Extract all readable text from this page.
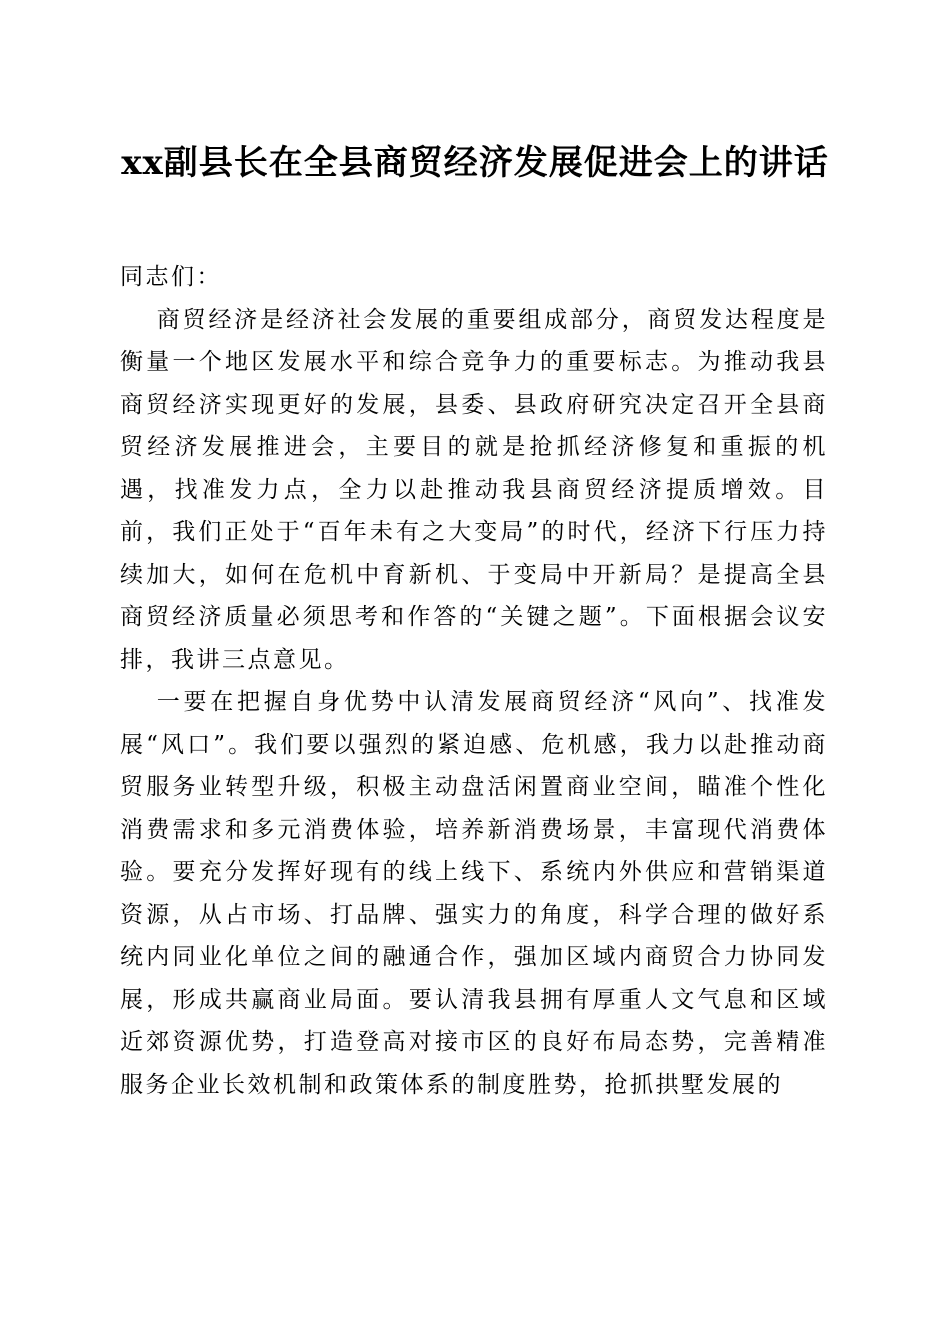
xx副县长在全县商贸经济发展促进会上的讲话

同志们：

商贸经济是经济社会发展的重要组成部分，商贸发达程度是衡量一个地区发展水平和综合竞争力的重要标志。为推动我县商贸经济实现更好的发展，县委、县政府研究决定召开全县商贸经济发展推进会，主要目的就是抢抓经济修复和重振的机遇，找准发力点，全力以赴推动我县商贸经济提质增效。目前，我们正处于“百年未有之大变局”的时代，经济下行压力持续加大，如何在危机中育新机、于变局中开新局？是提高全县商贸经济质量必须思考和作答的“关键之题”。下面根据会议安排，我讲三点意见。

一要在把握自身优势中认清发展商贸经济“风向”、找准发展“风口”。我们要以强烈的紧迫感、危机感，我力以赴推动商贸服务业转型升级，积极主动盘活闲置商业空间，瞄准个性化消费需求和多元消费体验，培养新消费场景，丰富现代消费体验。要充分发挥好现有的线上线下、系统内外供应和营销渠道资源，从占市场、打品牌、强实力的角度，科学合理的做好系统内同业化单位之间的融通合作，强加区域内商贸合力协同发展，形成共赢商业局面。要认清我县拥有厚重人文气息和区域近郊资源优势，打造登高对接市区的良好布局态势，完善精准服务企业长效机制和政策体系的制度胜势，抢抓拱墅发展的
